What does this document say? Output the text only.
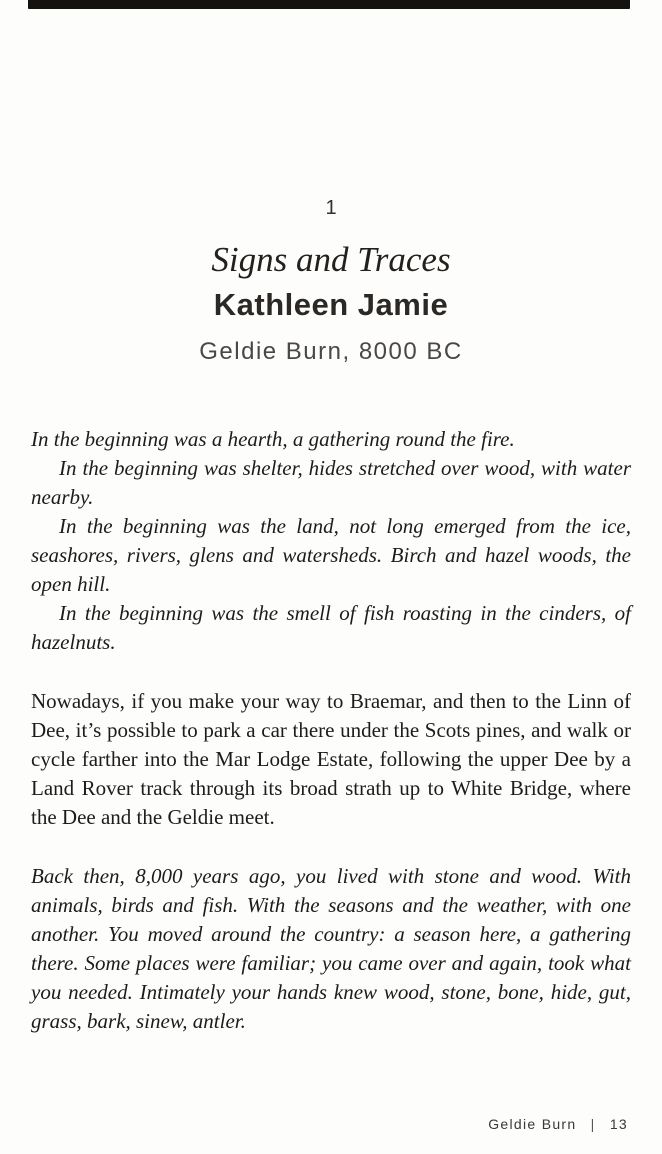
1
Signs and Traces
Kathleen Jamie
Geldie Burn, 8000 BC

In the beginning was a hearth, a gathering round the fire.

In the beginning was shelter, hides stretched over wood, with water nearby.

In the beginning was the land, not long emerged from the ice, seashores, rivers, glens and watersheds. Birch and hazel woods, the open hill.

In the beginning was the smell of fish roasting in the cinders, of hazelnuts.

Nowadays, if you make your way to Braemar, and then to the Linn of Dee, it’s possible to park a car there under the Scots pines, and walk or cycle farther into the Mar Lodge Estate, following the upper Dee by a Land Rover track through its broad strath up to White Bridge, where the Dee and the Geldie meet.

Back then, 8,000 years ago, you lived with stone and wood. With animals, birds and fish. With the seasons and the weather, with one another. You moved around the country: a season here, a gathering there. Some places were familiar; you came over and again, took what you needed. Intimately your hands knew wood, stone, bone, hide, gut, grass, bark, sinew, antler.

Geldie Burn | 13
